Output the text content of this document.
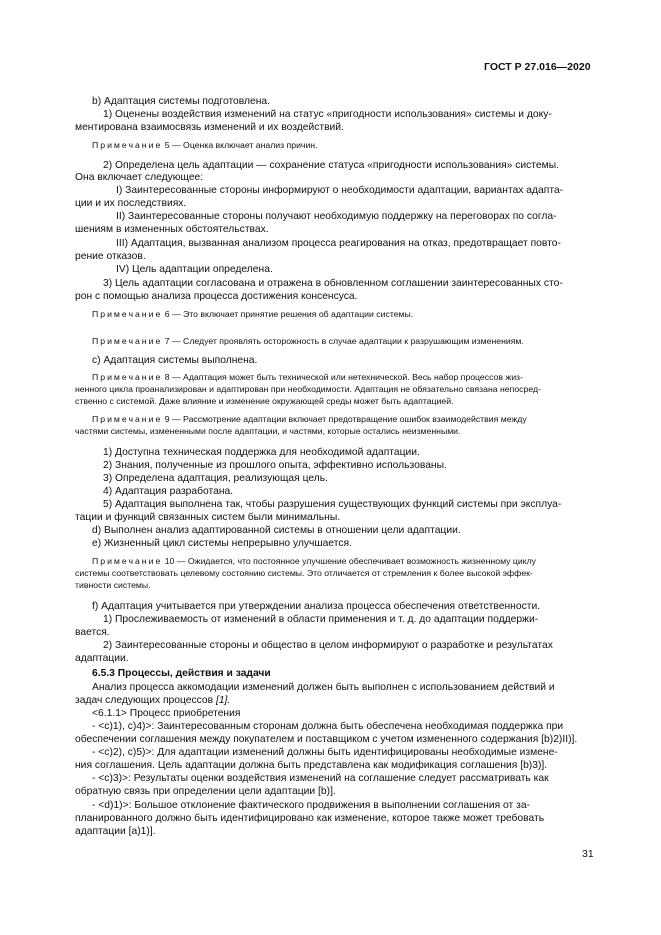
ГОСТ Р 27.016—2020
b) Адаптация системы подготовлена.
1) Оценены воздействия изменений на статус «пригодности использования» системы и доку-
ментирована взаимосвязь изменений и их воздействий.
Примечание 5 — Оценка включает анализ причин.
2) Определена цель адаптации — сохранение статуса «пригодности использования» системы.
Она включает следующее:
I) Заинтересованные стороны информируют о необходимости адаптации, вариантах адапта-
ции и их последствиях.
II) Заинтересованные стороны получают необходимую поддержку на переговорах по соглa-
шениям в измененных обстоятельствах.
III) Адаптация, вызванная анализом процесса реагирования на отказ, предотвращает повто-
рение отказов.
IV) Цель адаптации определена.
3) Цель адаптации согласована и отражена в обновленном соглашении заинтересованных сто-
рон с помощью анализа процесса достижения консенсуса.
Примечание 6 — Это включает принятие решения об адаптации системы.
Примечание 7 — Следует проявлять осторожность в случае адаптации к разрушающим изменениям.
c) Адаптация системы выполнена.
Примечание 8 — Адаптация может быть технической или нетехнической. Весь набор процессов жиз-
ненного цикла проанализирован и адаптирован при необходимости. Адаптация не обязательно связана непосред-
ственно с системой. Даже влияние и изменение окружающей среды может быть адаптацией.
Примечание 9 — Рассмотрение адаптации включает предотвращение ошибок взаимодействия между
частями системы, измененными после адаптации, и частями, которые остались неизменными.
1) Доступна техническая поддержка для необходимой адаптации.
2) Знания, полученные из прошлого опыта, эффективно использованы.
3) Определена адаптация, реализующая цель.
4) Адаптация разработана.
5) Адаптация выполнена так, чтобы разрушения существующих функций системы при эксплуа-
тации и функций связанных систем были минимальны.
d) Выполнен анализ адаптированной системы в отношении цели адаптации.
e) Жизненный цикл системы непрерывно улучшается.
Примечание 10 — Ожидается, что постоянное улучшение обеспечивает возможность жизненному циклу
системы соответствовать целевому состоянию системы. Это отличается от стремления к более высокой эффек-
тивности системы.
f) Адаптация учитывается при утверждении анализа процесса обеспечения ответственности.
1) Прослеживаемость от изменений в области применения и т. д. до адаптации поддержи-
вается.
2) Заинтересованные стороны и общество в целом информируют о разработке и результатах
адаптации.
6.5.3 Процессы, действия и задачи
Анализ процесса аккомодации изменений должен быть выполнен с использованием действий и
задач следующих процессов [1].
<6.1.1> Процесс приобретения
- <c)1), c)4)>: Заинтересованным сторонам должна быть обеспечена необходимая поддержка при
обеспечении соглашения между покупателем и поставщиком с учетом измененного содержания [b)2)II)].
- <c)2), c)5)>: Для адаптации изменений должны быть идентифицированы необходимые измене-
ния соглашения. Цель адаптации должна быть представлена как модификация соглашения [b)3)].
- <c)3)>: Результаты оценки воздействия изменений на соглашение следует рассматривать как
обратную связь при определении цели адаптации [b)].
- <d)1)>: Большое отклонение фактического продвижения в выполнении соглашения от за-
планированного должно быть идентифицировано как изменение, которое также может требовать
адаптации [a)1)].
31
